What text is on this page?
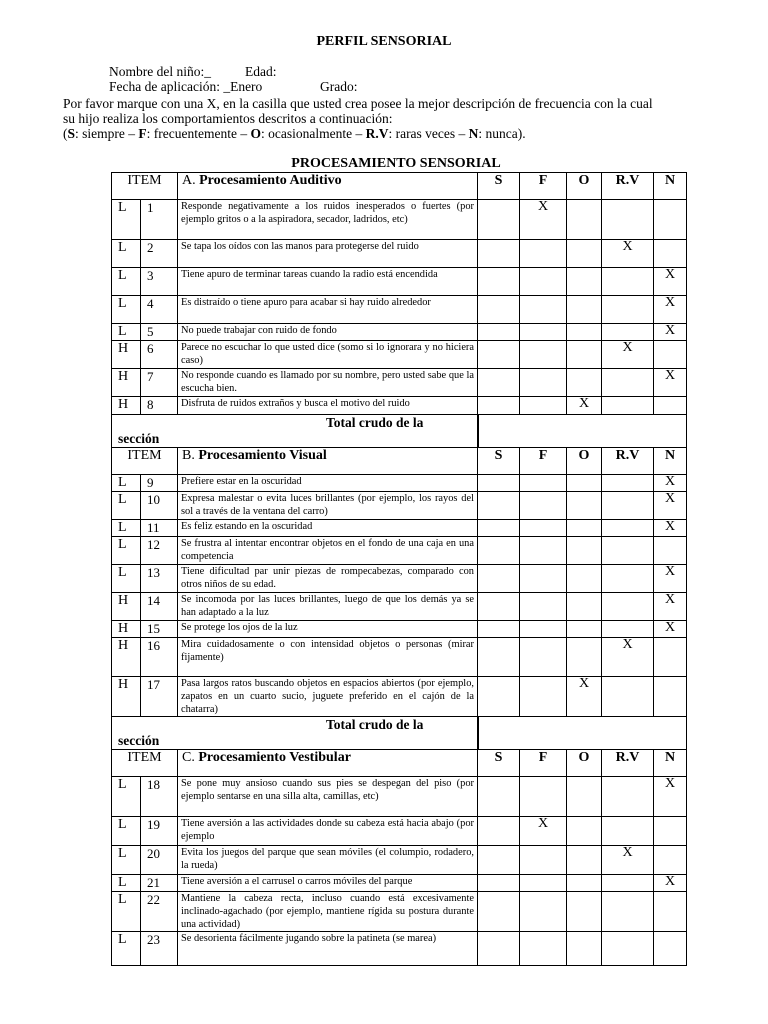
PERFIL SENSORIAL
Nombre del niño:_	Edad:
Fecha de aplicación: _Enero	Grado:
Por favor marque con una X, en la casilla que usted crea posee la mejor descripción de frecuencia con la cual
su hijo realiza los comportamientos descritos a continuación:
(S: siempre – F: frecuentemente – O: ocasionalmente – R.V: raras veces – N: nunca).
PROCESAMIENTO SENSORIAL
ITEM		A. Procesamiento Auditivo	S	F	O	R.V	N
L	1	Responde negativamente a los ruidos inesperados o fuertes (por ejemplo gritos o a la aspiradora, secador, ladridos, etc)		X			
L	2	Se tapa los oídos con las manos para protegerse del ruido				X	
L	3	Tiene apuro de terminar tareas cuando la radio está encendida					X
L	4	Es distraído o tiene apuro para acabar si hay ruido alrededor					X
L	5	No puede trabajar con ruido de fondo					X
H	6	Parece no escuchar lo que usted dice (somo si lo ignorara y no hiciera caso)				X	
H	7	No responde cuando es llamado por su nombre, pero usted sabe que la escucha bien.					X
H	8	Disfruta de ruidos extraños y busca el motivo del ruido			X		

Total crudo de la
sección							

ITEM		B. Procesamiento Visual	S	F	O	R.V	N
L	9	Prefiere estar en la oscuridad					X
L	10	Expresa malestar o evita luces brillantes (por ejemplo, los rayos del sol a través de la ventana del carro)					X
L	11	Es feliz estando en la oscuridad					X
L	12	Se frustra al intentar encontrar objetos en el fondo de una caja en una competencia					
L	13	Tiene dificultad par unir piezas de rompecabezas, comparado con otros niños de su edad.					X
H	14	Se incomoda por las luces brillantes, luego de que los demás ya se han adaptado a la luz					X
H	15	Se protege los ojos de la luz					X
H	16	Mira cuidadosamente o con intensidad objetos o personas (mirar fijamente)				X	
H	17	Pasa largos ratos buscando objetos en espacios abiertos (por ejemplo, zapatos en un cuarto sucio, juguete preferido en el cajón de la chatarra)			X		

Total crudo de la
sección							

ITEM		C. Procesamiento Vestibular	S	F	O	R.V	N
L	18	Se pone muy ansioso cuando sus pies se despegan del piso (por ejemplo sentarse en una silla alta, camillas, etc)					X
L	19	Tiene aversión a las actividades donde su cabeza está hacia abajo (por ejemplo		X			
L	20	Evita los juegos del parque que sean móviles (el columpio, rodadero, la rueda)				X	
L	21	Tiene aversión a el carrusel o carros móviles del parque					X
L	22	Mantiene la cabeza recta, incluso cuando está excesivamente inclinado-agachado (por ejemplo, mantiene rígida su postura durante una actividad)					
L	23	Se desorienta fácilmente jugando sobre la patineta (se marea)					
